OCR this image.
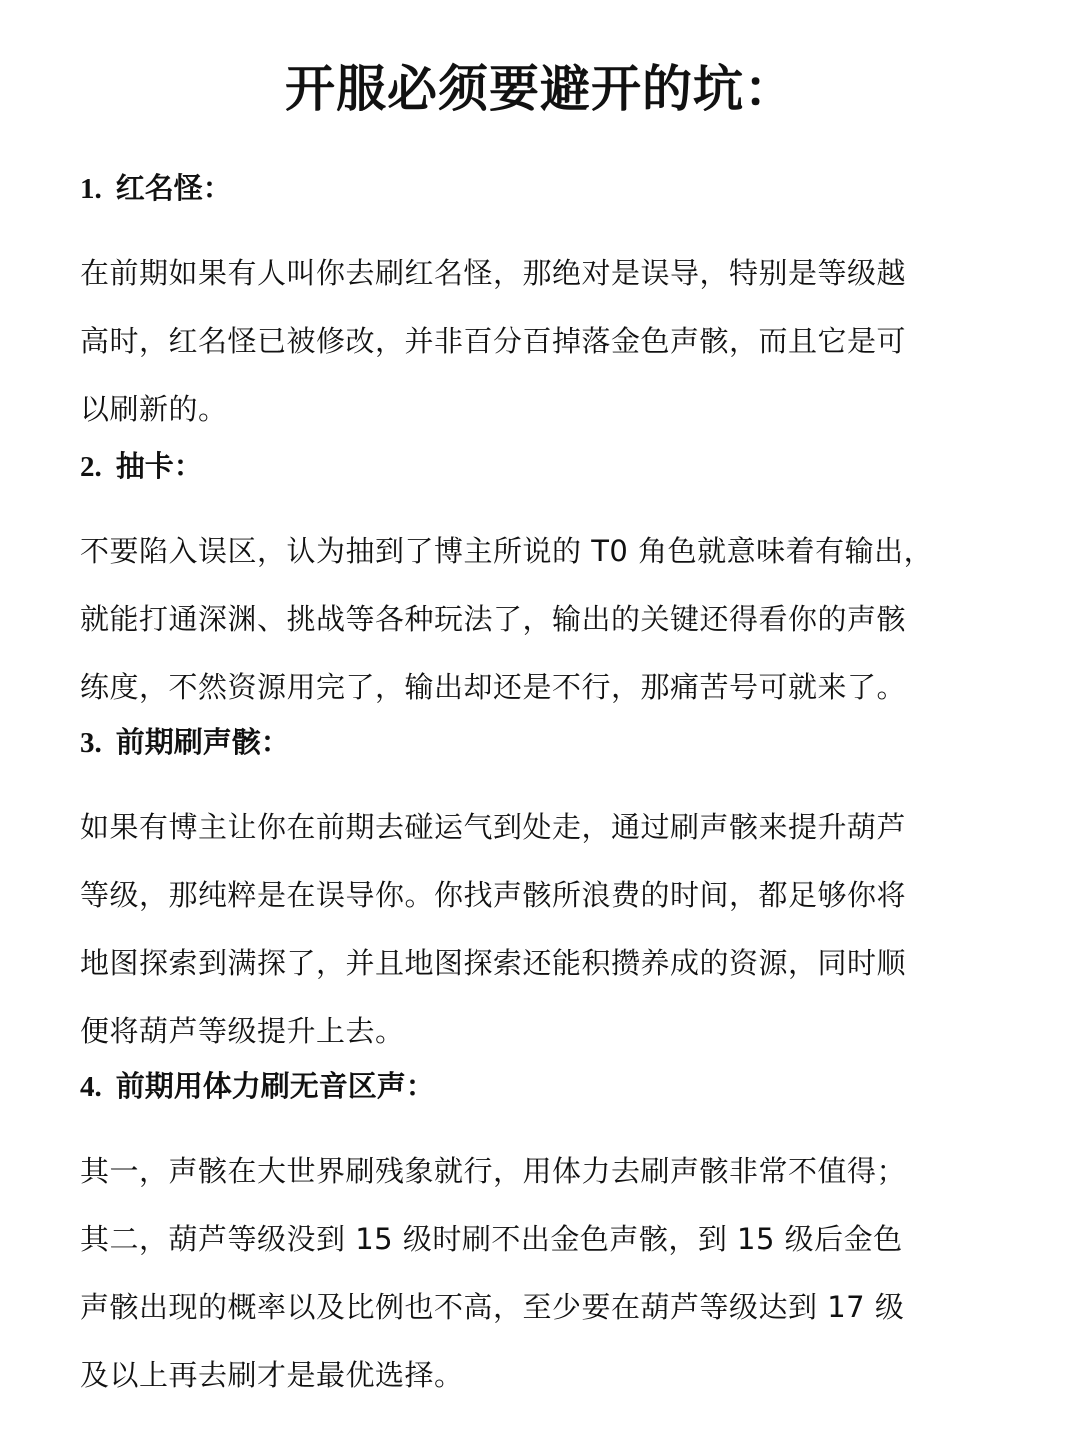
开服必须要避开的坑：
1. 红名怪：

在前期如果有人叫你去刷红名怪，那绝对是误导，特别是等级越
高时，红名怪已被修改，并非百分百掉落金色声骸，而且它是可
以刷新的。

2. 抽卡：

不要陷入误区，认为抽到了博主所说的 T0 角色就意味着有输出，
就能打通深渊、挑战等各种玩法了，输出的关键还得看你的声骸
练度，不然资源用完了，输出却还是不行，那痛苦号可就来了。

3. 前期刷声骸：

如果有博主让你在前期去碰运气到处走，通过刷声骸来提升葫芦
等级，那纯粹是在误导你。你找声骸所浪费的时间，都足够你将
地图探索到满探了，并且地图探索还能积攒养成的资源，同时顺
便将葫芦等级提升上去。

4. 前期用体力刷无音区声：

其一，声骸在大世界刷残象就行，用体力去刷声骸非常不值得；
其二，葫芦等级没到 15 级时刷不出金色声骸，到 15 级后金色
声骸出现的概率以及比例也不高，至少要在葫芦等级达到 17 级
及以上再去刷才是最优选择。
